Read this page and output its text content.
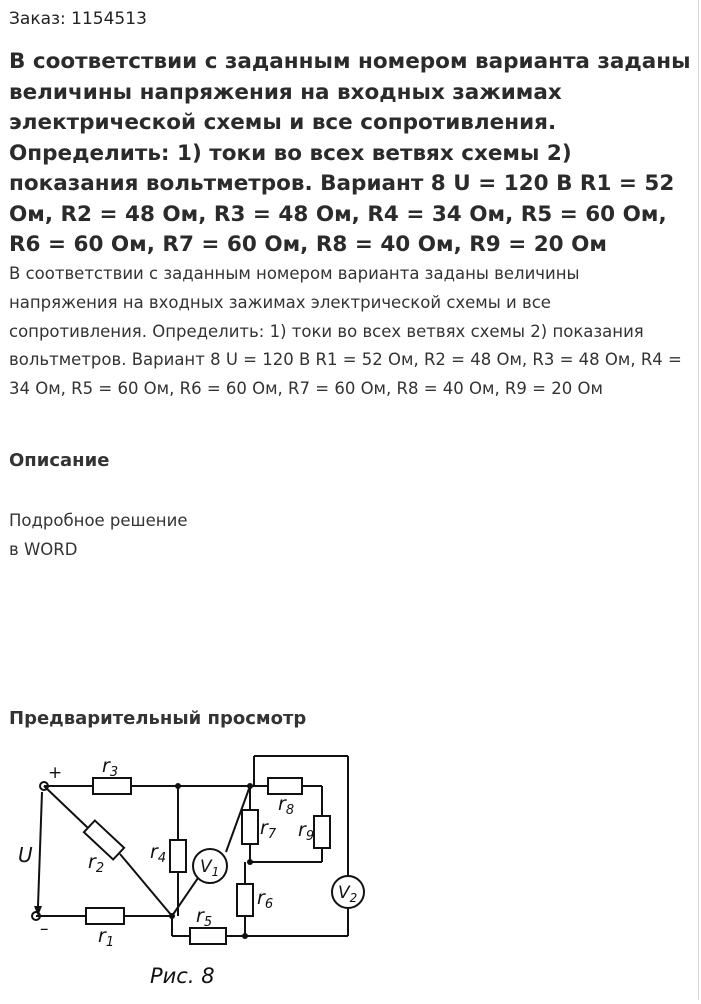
Заказ: 1154513
В соответствии с заданным номером варианта заданы величины напряжения на входных зажимах электрической схемы и все сопротивления. Определить: 1) токи во всех ветвях схемы 2) показания вольтметров. Вариант 8 U = 120 В R1 = 52 Ом, R2 = 48 Ом, R3 = 48 Ом, R4 = 34 Ом, R5 = 60 Ом, R6 = 60 Ом, R7 = 60 Ом, R8 = 40 Ом, R9 = 20 Ом
В соответствии с заданным номером варианта заданы величины напряжения на входных зажимах электрической схемы и все сопротивления. Определить: 1) токи во всех ветвях схемы 2) показания вольтметров. Вариант 8 U = 120 В R1 = 52 Ом, R2 = 48 Ом, R3 = 48 Ом, R4 = 34 Ом, R5 = 60 Ом, R6 = 60 Ом, R7 = 60 Ом, R8 = 40 Ом, R9 = 20 Ом
Описание
Подробное решение
в WORD
Предварительный просмотр
+
–
U
$r_3$
$r_2$
$r_4$
$r_1$
$r_5$
$r_8$
$r_7$ $r_9$
$r_6$
$V_1$
$V_2$
Рис. 8
